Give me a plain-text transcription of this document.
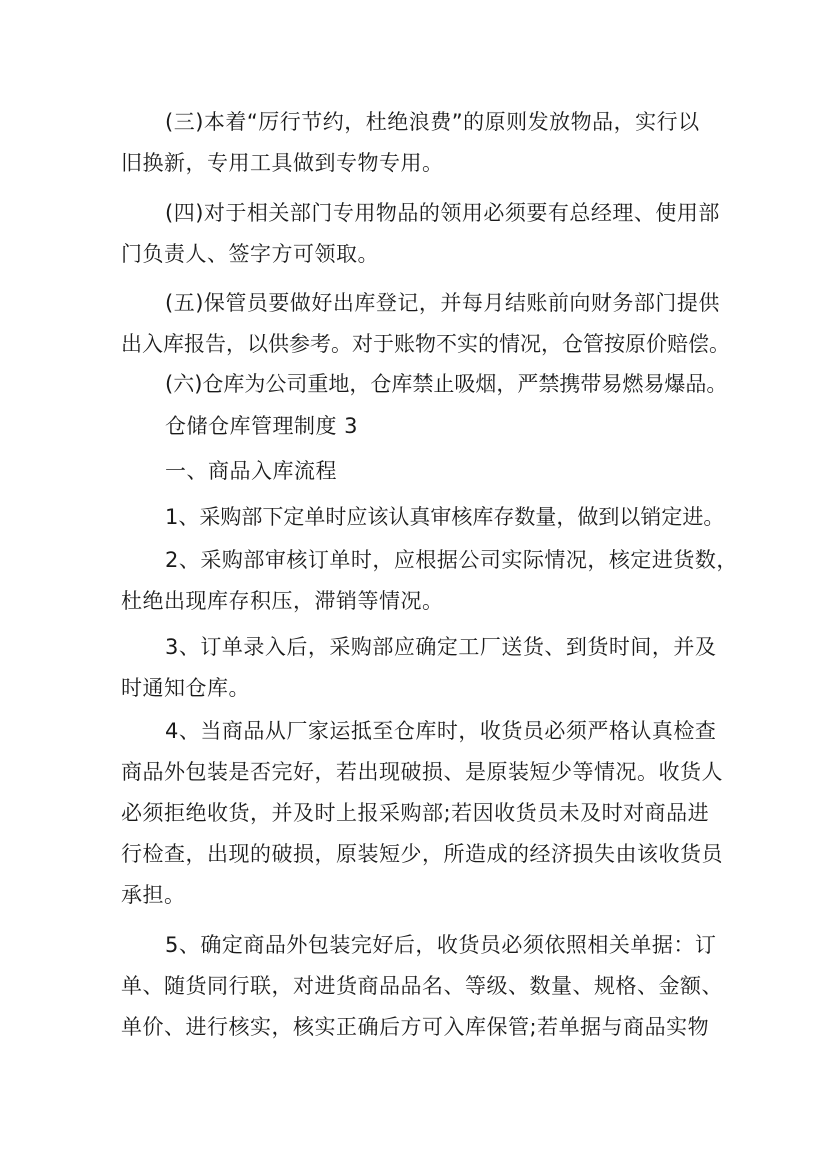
(三)本着“厉行节约，杜绝浪费”的原则发放物品，实行以
旧换新，专用工具做到专物专用。

(四)对于相关部门专用物品的领用必须要有总经理、使用部
门负责人、签字方可领取。

(五)保管员要做好出库登记，并每月结账前向财务部门提供
出入库报告，以供参考。对于账物不实的情况，仓管按原价赔偿。

(六)仓库为公司重地，仓库禁止吸烟，严禁携带易燃易爆品。

仓储仓库管理制度 3

一、商品入库流程

1、采购部下定单时应该认真审核库存数量，做到以销定进。

2、采购部审核订单时，应根据公司实际情况，核定进货数，
杜绝出现库存积压，滞销等情况。

3、订单录入后，采购部应确定工厂送货、到货时间，并及
时通知仓库。

4、当商品从厂家运抵至仓库时，收货员必须严格认真检查
商品外包装是否完好，若出现破损、是原装短少等情况。收货人
必须拒绝收货，并及时上报采购部;若因收货员未及时对商品进
行检查，出现的破损，原装短少，所造成的经济损失由该收货员
承担。

5、确定商品外包装完好后，收货员必须依照相关单据：订
单、随货同行联，对进货商品品名、等级、数量、规格、金额、
单价、进行核实，核实正确后方可入库保管;若单据与商品实物
